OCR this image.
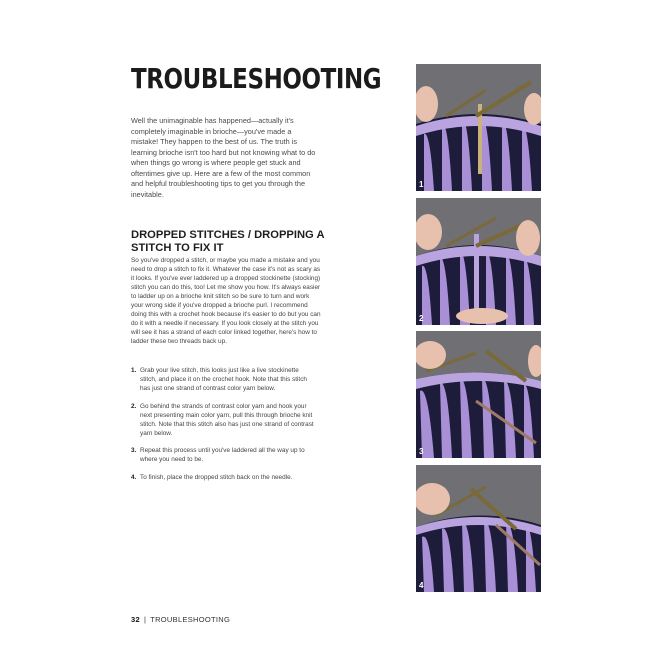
TROUBLESHOOTING

Well the unimaginable has happened—actually it's completely imaginable in brioche—you've made a mistake! They happen to the best of us. The truth is learning brioche isn't too hard but not knowing what to do when things go wrong is where people get stuck and oftentimes give up. Here are a few of the most common and helpful troubleshooting tips to get you through the inevitable.

DROPPED STITCHES / DROPPING A STITCH TO FIX IT

So you've dropped a stitch, or maybe you made a mistake and you need to drop a stitch to fix it. Whatever the case it's not as scary as it looks. If you've ever laddered up a dropped stockinette (stocking) stitch you can do this, too! Let me show you how. It's always easier to ladder up on a brioche knit stitch so be sure to turn and work your wrong side if you've dropped a brioche purl. I recommend doing this with a crochet hook because it's easier to do but you can do it with a needle if necessary. If you look closely at the stitch you will see it has a strand of each color linked together, here's how to ladder these two threads back up.

1. Grab your live stitch, this looks just like a live stockinette stitch, and place it on the crochet hook. Note that this stitch has just one strand of contrast color yarn below.
2. Go behind the strands of contrast color yarn and hook your next presenting main color yarn, pull this through brioche knit stitch. Note that this stitch also has just one strand of contrast yarn below.
3. Repeat this process until you've laddered all the way up to where you need to be.
4. To finish, place the dropped stitch back on the needle.
32 | TROUBLESHOOTING
1
2
3
4
